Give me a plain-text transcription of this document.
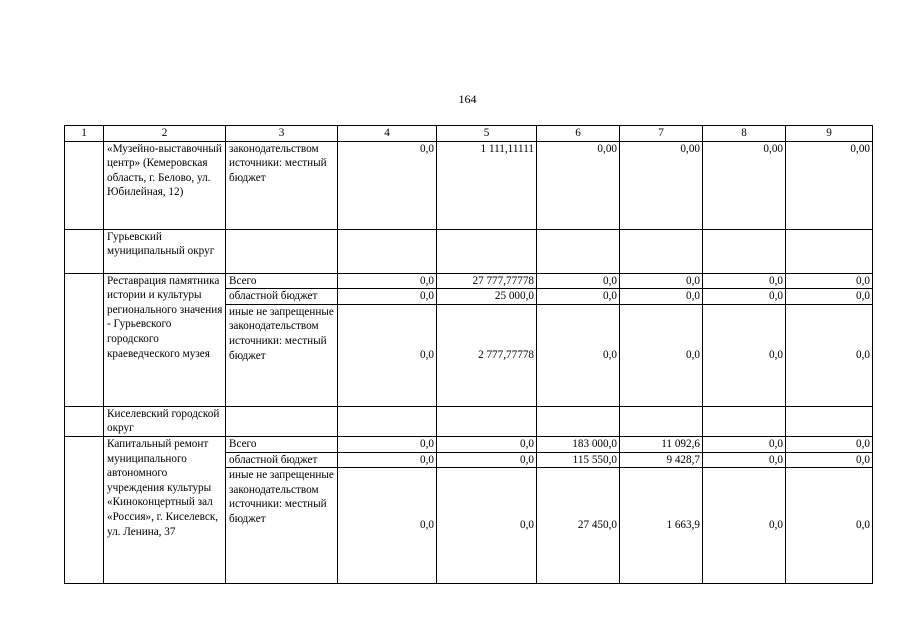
164
1	2	3	4	5	6	7	8	9
	«Музейно-выставочный центр» (Кемеровская область, г. Белово, ул. Юбилейная, 12)	законодательством источники: местный бюджет	0,0	1 111,11111	0,00	0,00	0,00	0,00
	Гурьевский муниципальный округ							
	Реставрация памятника истории и культуры регионального значения - Гурьевского городского краеведческого музея	Всего	0,0	27 777,77778	0,0	0,0	0,0	0,0
		областной бюджет	0,0	25 000,0	0,0	0,0	0,0	0,0
		иные не запрещенные законодательством источники: местный бюджет	0,0	2 777,77778	0,0	0,0	0,0	0,0
	Киселевский городской округ							
	Капитальный ремонт муниципального автономного учреждения культуры «Киноконцертный зал «Россия», г. Киселевск, ул. Ленина, 37	Всего	0,0	0,0	183 000,0	11 092,6	0,0	0,0
		областной бюджет	0,0	0,0	115 550,0	9 428,7	0,0	0,0
		иные не запрещенные законодательством источники: местный бюджет	0,0	0,0	27 450,0	1 663,9	0,0	0,0
